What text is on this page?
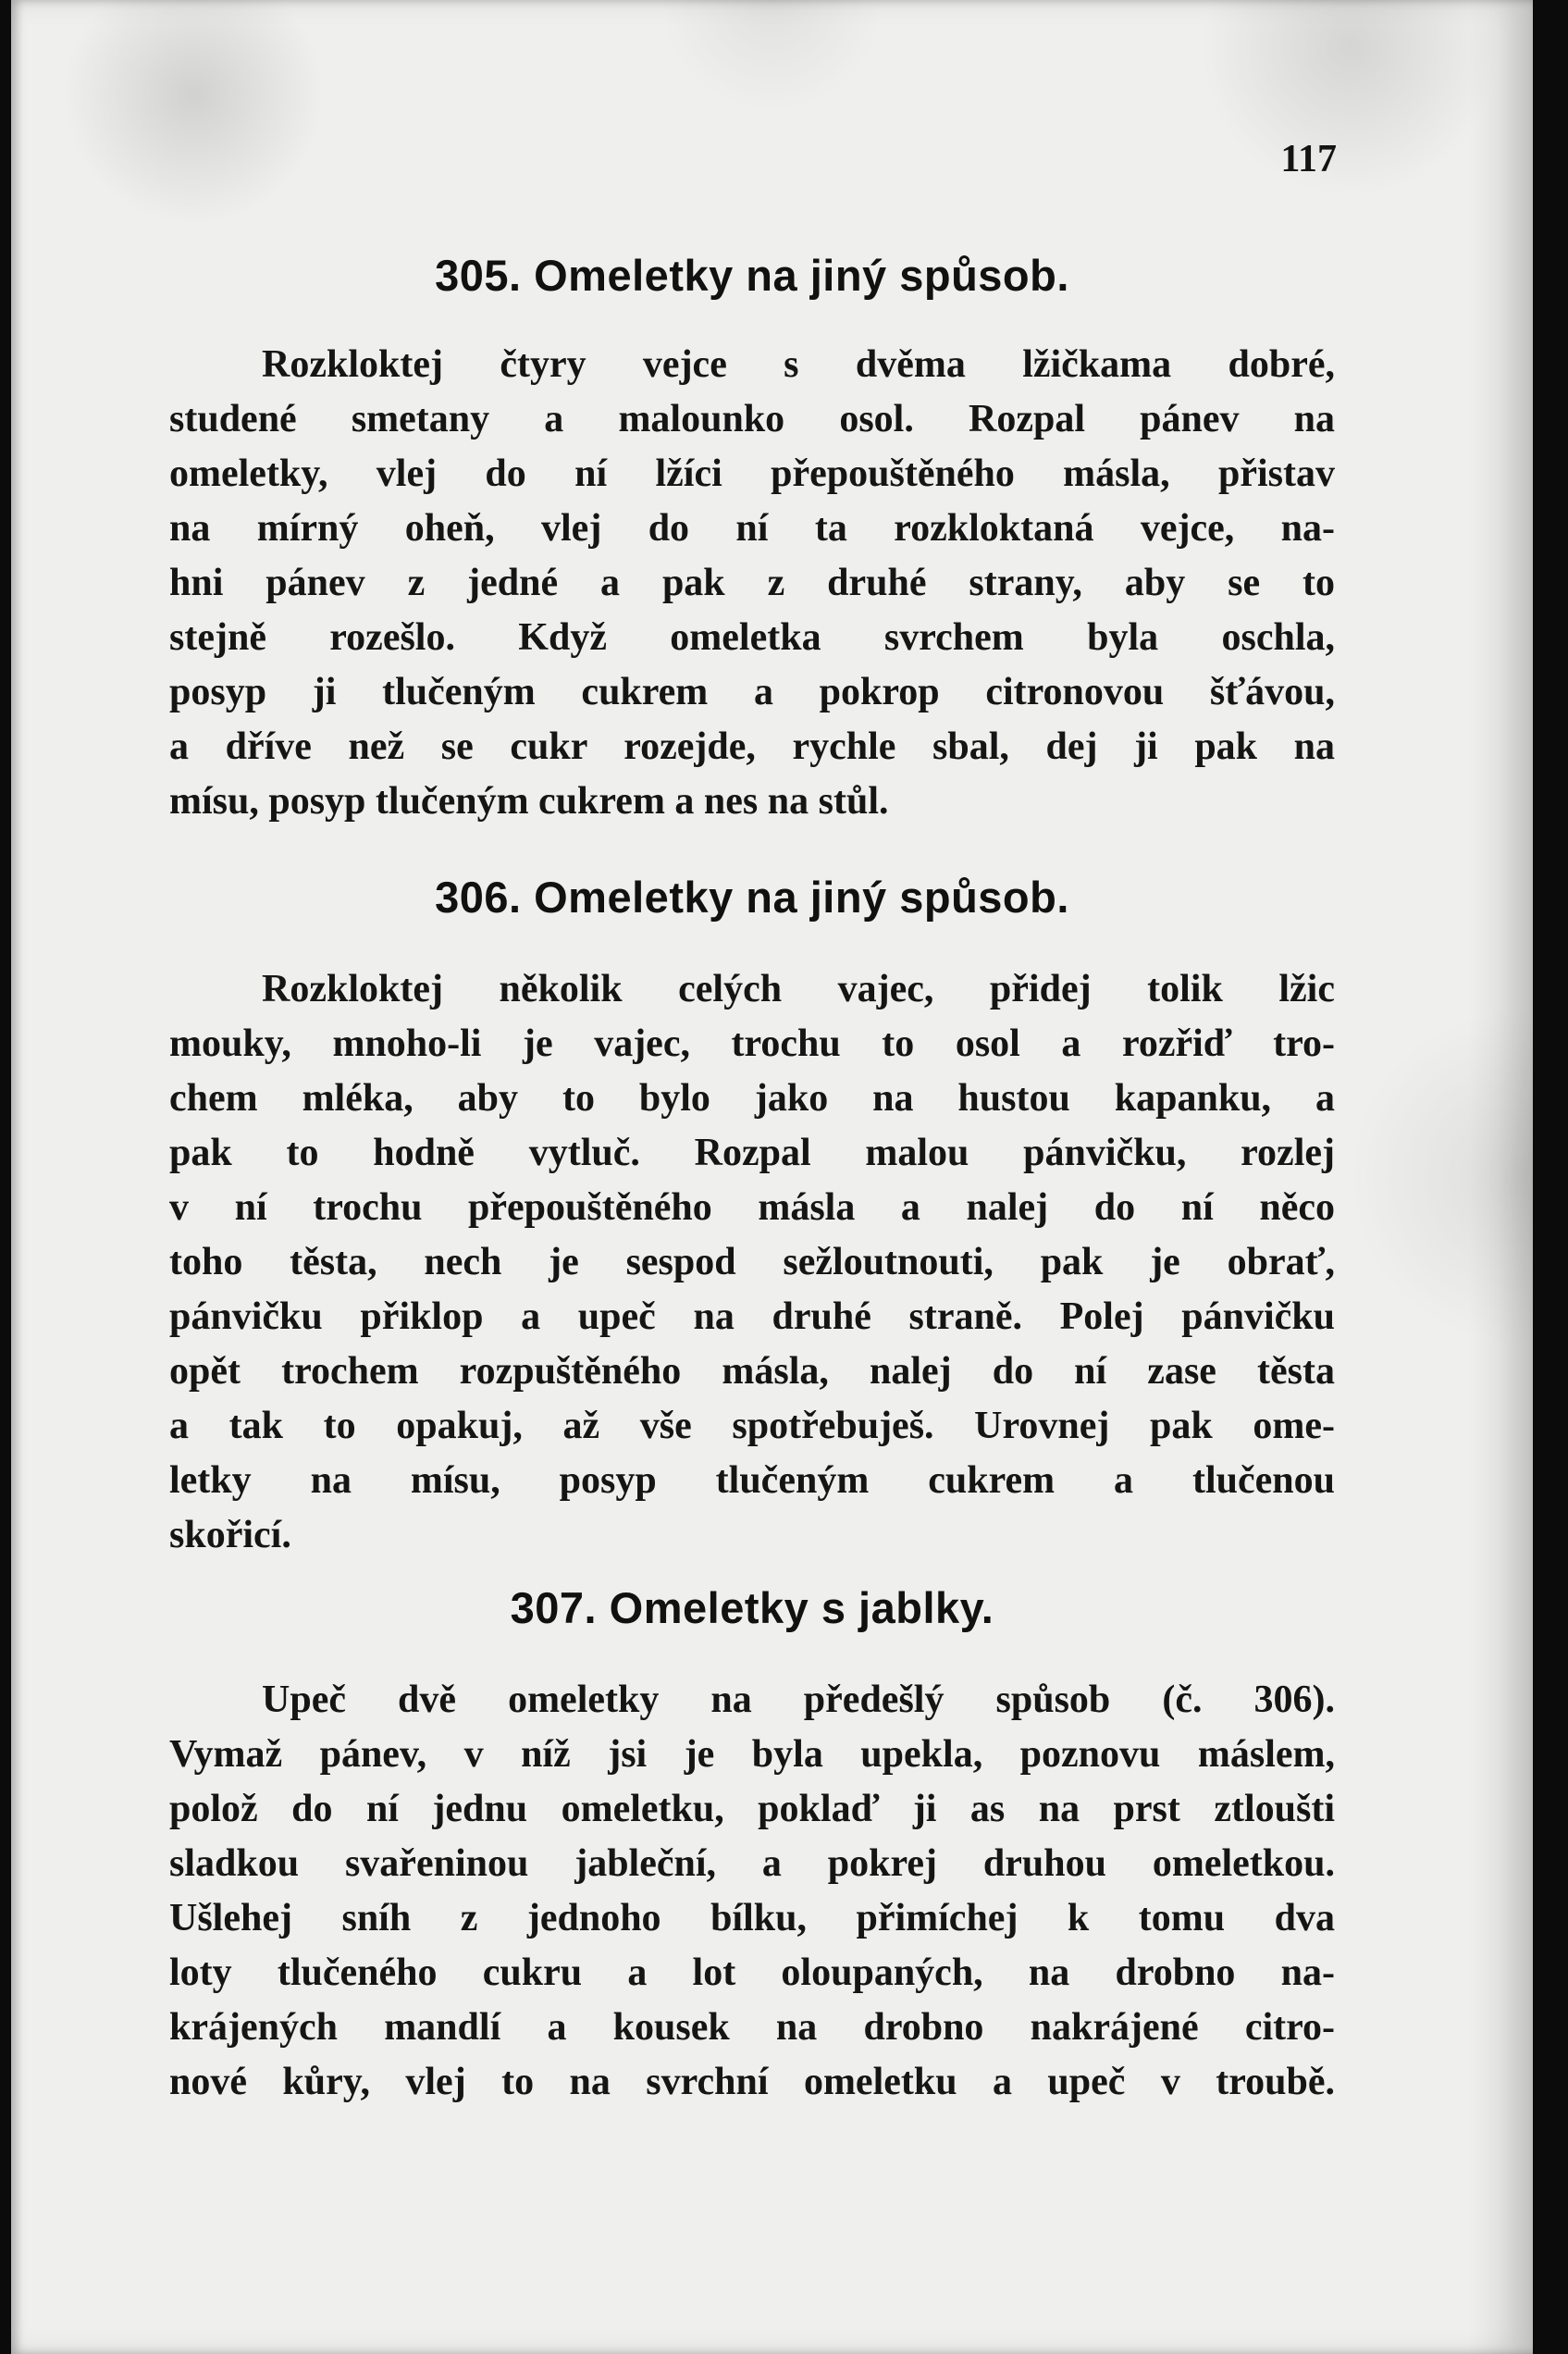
117
305. Omeletky na jiný spůsob.
Rozkloktej čtyry vejce s dvěma lžičkama dobré,
studené smetany a malounko osol. Rozpal pánev na
omeletky, vlej do ní lžíci přepouštěného másla, přistav
na mírný oheň, vlej do ní ta rozkloktaná vejce, na-
hni pánev z jedné a pak z druhé strany, aby se to
stejně rozešlo. Když omeletka svrchem byla oschla,
posyp ji tlučeným cukrem a pokrop citronovou šťávou,
a dříve než se cukr rozejde, rychle sbal, dej ji pak na
mísu, posyp tlučeným cukrem a nes na stůl.
306. Omeletky na jiný spůsob.
Rozkloktej několik celých vajec, přidej tolik lžic
mouky, mnoho-li je vajec, trochu to osol a rozřiď tro-
chem mléka, aby to bylo jako na hustou kapanku, a
pak to hodně vytluč. Rozpal malou pánvičku, rozlej
v ní trochu přepouštěného másla a nalej do ní něco
toho těsta, nech je sespod sežloutnouti, pak je obrať,
pánvičku přiklop a upeč na druhé straně. Polej pánvičku
opět trochem rozpuštěného másla, nalej do ní zase těsta
a tak to opakuj, až vše spotřebuješ. Urovnej pak ome-
letky na mísu, posyp tlučeným cukrem a tlučenou
skořicí.
307. Omeletky s jablky.
Upeč dvě omeletky na předešlý spůsob (č. 306).
Vymaž pánev, v níž jsi je byla upekla, poznovu máslem,
polož do ní jednu omeletku, poklaď ji as na prst ztloušti
sladkou svařeninou jableční, a pokrej druhou omeletkou.
Ušlehej sníh z jednoho bílku, přimíchej k tomu dva
loty tlučeného cukru a lot oloupaných, na drobno na-
krájených mandlí a kousek na drobno nakrájené citro-
nové kůry, vlej to na svrchní omeletku a upeč v troubě.
